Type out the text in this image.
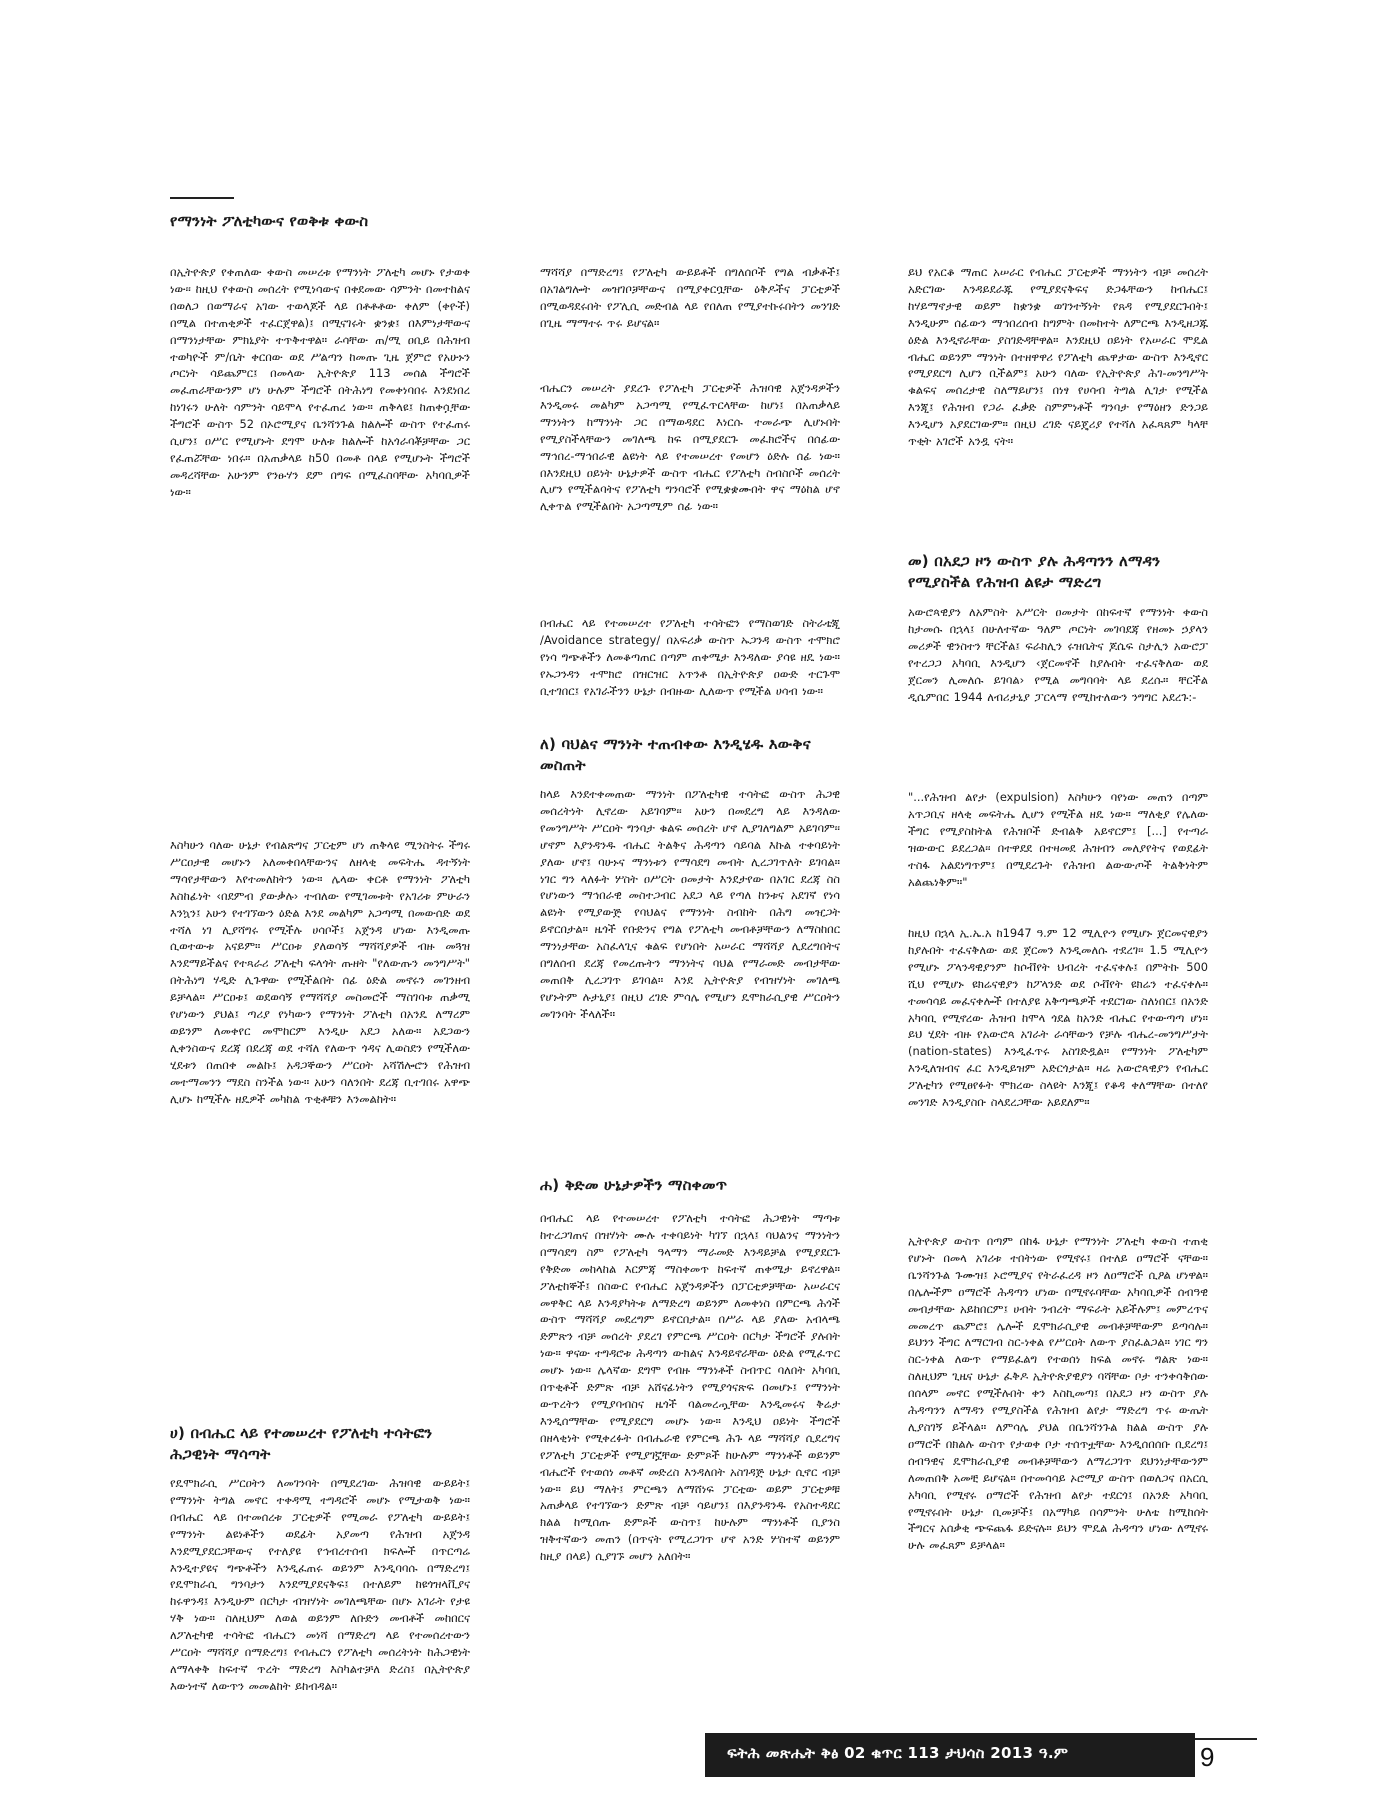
የማንነት ፖለቲካውና የወቅቱ ቀውስ

በኢትዮጵያ የቀጠለው ቀውስ መሠረቱ የማንነት ፖለቲካ መሆኑ የታወቀ ነው፡፡ ከዚህ የቀውስ መሰረት የሚነሳውና በቀደመው ሳምንት በመተከልና በወለጋ በወማራና አገው ተወላጆች ላይ በቶቶቶው ቀለም (ቀዮች) በሚል በተጠቂዎች ተፈርጀዋል)፤ በሚናገሩት ቋንቋ፤ በእምነታቸውና በማንነታቸው ምክኒያት ተጥቅተዋል። ራሳቸው ጠ/ሚ ዐቢይ በሕዝብ ተወካዮች ም/ቤት ቀርበው ወደ ሥልጣን ከመጡ ጊዜ ጀምሮ የአሁኑን ጦርነት ሳይጨምር፤ በመላው ኢትዮጵያ 113 መሰል ችግሮች መፈጠራቸውንም ሆነ ሁሉም ችግሮች በትሕነግ የመቀነባበሩ እንደነበረ ከነገሩን ሁለት ሳምንት ሳይሞላ የተፈጠረ ነው። ጠቅላዩ፤ ከጠቀሷቸው ችግሮች ውስጥ 52 በኦሮሚያና ቤንሻንጉል ክልሎች ውስጥ የተፈጠሩ ሲሆን፤ ዐሥር የሚሆኑት ደግሞ ሁለቱ ክልሎች ከአጎራባቾቻቸው ጋር የፈጠሯቸው ነበሩ። በአጠቃላይ ከ50 በመቶ በላይ የሚሆኑት ችግሮች መዳረሻቸው አሁንም የንፁሃን ደም በግፍ በሚፈስባቸው አካባቢዎች ነው።

እስካሁን ባለው ሁኔታ የብልጽግና ፓርቲም ሆነ ጠቅላዩ ሚንስትሩ ችግሩ ሥርዐታዊ መሆኑን አለመቀበላቸውንና ለዘላቂ መፍትሔ ዳተኝነት ማሳየታቸውን እየተመለከትን ነው። ሌላው ቀርቶ የማንነት ፖለቲካ እስከፊነት ‹በደምብ ያውቃሉ› ተብለው የሚገመቱት የአገሪቱ ምሁራን እንኳን፤ አሁን የተገኘውን ዕድል እንደ መልካም አጋጣሚ በመውሰድ ወደ ተሻለ ነገ ሊያሻግሩ የሚችሉ ሀሳቦች፤ አጀንዳ ሆነው እንዲመጡ ሲወተውቱ አናይም። ሥርዐቱ ያለወሳኝ ማሻሻያዎች ብዙ መጓዝ እንደማይችልና የተጻራሪ ፖለቲካ ፍላጎት ጡዘት "የለውጡን መንግሥት" በትሕነግ ሃዲድ ሊጉዋው የሚችልበት ሰፊ ዕድል መኖሩን መገንዘብ ይቻላል። ሥርዐቱ፤ ወደወሳኝ የማሻሻያ መስመሮች ማስገባቱ ጠቃሚ የሆነውን ያህል፤ ጣሪያ የነካውን የማንነት ፖለቲካ በአንዴ ለማረም ወይንም ለመቀየር መሞከርም እንዲሁ አደጋ አለው። አደጋውን ሊቀንስውና ደረጃ በደረጃ ወደ ተሻለ የለውጥ ጎዳና ሊወስደን የሚችለው ሂደቱን በጠበቀ መልኩ፤ አዳጋኞውን ሥርዐት አሻሽሎሮን የሕዝብ መተማመንን ማደስ ስንችል ነው። አሁን ባለንበት ደረጃ ቢተገበሩ አዋጭ ሊሆኑ ከሚችሉ ዘዴዎች መካከል ጥቂቶቹን እንመልከት።

ሀ) በብሔር ላይ የተመሠረተ የፖለቲካ ተሳትፎን ሕጋዊነት ማሳጣት

የዴሞክራሲ ሥርዐትን ለመገንባት በሚደረገው ሕዝባዊ ውይይት፤ የማንነት ትግል መኖር ተቀዳሚ ተግዳሮች መሆኑ የሚታወቅ ነው። በብሔር ላይ በተመሰረቱ ፓርቲዎች የሚመራ የፖለቲካ ውይይት፤ የማንነት ልዩነቶችን ወደፊት አያመጣ የሕዝብ አጀንዳ እንደሚያደርጋቸውና የተለያዩ የኅብረተሰብ ክፍሎች በጥርጣሬ እንዲተያዩና ግጭቶችን እንዲፈጠሩ ወይንም እንዲባባሱ በማድረግ፤ የዴሞክራሲ ግንባታን እንደሚያደናቅፍ፤ በተለይም ከዩጎዝላቪያና ከሩዋንዳ፤ እንዲሁም በርካታ ብዝሃነት መገለጫቸው በሆኑ አገራት የታዩ ሃቅ ነው። ስለዚህም ለወል ወይንም ለቡድን መብቶች መከበርና ለፖለቲካዊ ተሳትፎ ብሔርን መነሻ በማድረግ ላይ የተመሰረተውን ሥርዐት ማሻሻያ በማድረግ፤ የብሔርን የፖለቲካ መሰረትነት ከሕጋዊነት ለማላቀቅ ከፍተኛ ጥረት ማድረግ እስካልተቻለ ድረስ፤ በኢትዮጵያ እውነተኛ ለውጥን መመልከት ይከብዳል።

ማሻሻያ በማድረግ፤ የፖለቲካ ውይይቶች በግለሰቦች የግል ብቃቶች፤ በአገልግሎት መዝገቦቻቸውና በሚያቀርቧቸው ዕቅዶችና ፓርቲዎች በሚወዳደሩበት የፖሊሲ መድብል ላይ የበለጠ የሚያተኩሩበትን መንገድ በጊዜ ማማተሩ ጥሩ ይሆናል።

ብሔርን መሠረት ያደረጉ የፖለቲካ ፓርቲዎች ሕዝባዊ አጀንዳዎችን እንዲመሩ መልካም አጋጣሚ የሚፈጥርላቸው ከሆነ፤ በአጠቃላይ ማንነትን ከማንነት ጋር በማወዳደር እነርሱ ተመራጭ ሊሆኑበት የሚያስችላቸውን መገለጫ ከፍ በሚያደርጉ መፈክሮችና በሰፊው ማኅበረ-ማኅበራዊ ልዩነት ላይ የተመሠረተ የመሆን ዕድሉ ሰፊ ነው። በእንደዚህ ዐይነት ሁኔታዎች ውስጥ ብሔር የፖለቲካ ስብስቦች መሰረት ሊሆን የሚችልባትና የፖለቲካ ግንባሮች የሚቋቋሙበት ዋና ማዕከል ሆኖ ሊቀጥል የሚችልበት አጋጣሚም ሰፊ ነው።

በብሔር ላይ የተመሠረተ የፖለቲካ ተሳትፎን የማስወገድ ስትራቴጂ /Avoidance strategy/ በአፍሪቃ ውስጥ ኡጋንዳ ውስጥ ተሞክሮ የነሳ ግጭቶችን ለመቆጣጠር በጣም ጠቀሜታ እንዳለው ያሳዩ ዘዴ ነው። የኡጋንዳን ተሞክሮ በዝርዝር አጥንቶ በኢትዮጵያ ዐውድ ተርጉሞ ቢተገበር፤ የአገራችንን ሁኔታ በብዙው ሊለውጥ የሚችል ሀሳብ ነው።

ለ) ባህልና ማንነት ተጠብቀው እንዲሄዱ እውቅና መስጠት

ከላይ እንደተቀመጠው ማንነት በፖለቲካዊ ተሳትፎ ውስጥ ሕጋዊ መሰረትነት ሊኖረው አይገባም፡፡ አሁን በመደረግ ላይ እንዳለው የመንግሥት ሥርዐት ግንባታ ቁልፍ መሰረት ሆኖ ሊያገለግልም አይገባም፡፡ ሆኖም እያንዳንዱ ብሔር ትልቅና ሕዳጣን ሳይባል እኩል ተቀባይነት ያለው ሆኖ፤ ባሁኑና ማንነቱን የማሳደግ መብት ሊረጋገጥለት ይገባል። ነገር ግን ላለፉት ሦስት ዐሥርት ዐመታት እንደታየው በአገር ደረጃ ስስ የሆነውን ማኅበራዊ መስተጋብር አደጋ ላይ የጣለ ከንቱና አደገኛ የነሳ ልዩነት የሚያውጅ የባህልና የማንነት ስብከት በሕግ መዢጋት ይኖርበታል። ዜጎች የቡድንና የግል የፖለቲካ መብቶቻቸውን ለማስከበር ማንነታቸው አስፈላጊና ቁልፍ የሆነበት አሠራር ማሻሻያ ሊደረግበትና በግለሰብ ደረጃ የመረጡትን ማንነትና ባህል የማራመድ መብታቸው መጠበቅ ሊረጋገጥ ይገባል። እንደ ኢትዮጵያ የብዝሃነት መገለጫ የሆኑትም ሉታኒያ፤ በዚህ ረገድ ምሳሌ የሚሆን ዴሞክራሲያዊ ሥርዐትን መገንባት ችላለች።

ሐ) ቅድመ ሁኔታዎችን ማስቀመጥ

በብሔር ላይ የተመሠረተ የፖለቲካ ተሳትፎ ሕጋዊነት ማጣቱ ከተረጋገጠና በዝሃነት ሙሉ ተቀባይነት ካገኘ በኋላ፤ ባህልንና ማንነትን በማሳደግ ስም የፖለቲካ ዓላማን ማራመድ እንዳይቻል የሚያደርጉ የቅድመ መከላከል እርምጃ ማስቀመጥ ከፍተኛ ጠቀሜታ ይኖረዋል። ፖለቲከኞች፤ በስውር የብሔር አጀንዳዎችን በፓርቲዎቻቸው አሠራርና መዋቅር ላይ እንዳያካትቱ ለማድረግ ወይንም ለመቀነስ በምርጫ ሕጎች ውስጥ ማሻሻያ መደረግም ይኖርበታል። በሥራ ላይ ያለው አብላጫ ድምጽን ብቻ መሰረት ያደረገ የምርጫ ሥርዐት በርካታ ችግሮች ያሉበት ነው። ዋናው ተግዳሮቱ ሕዳጣን ውክልና እንዳይኖራቸው ዕድል የሚፈጥር መሆኑ ነው። ሌላኛው ደግሞ የብዙ ማንነቶች ስብጥር ባለበት አካባቢ በጥቂቶች ድምጽ ብቻ አሸናፊነትን የሚያጎናጽፍ በመሆኑ፤ የማንነት ውጥረትን የሚያባብስና ዜጎች ባልመረጧቸው እንዲመሩና ቅሬታ እንዲሰማቸው የሚያደርግ መሆኑ ነው። እንዲህ ዐይነት ችግሮች በዘላቂነት የሚቀረፉት በብሔራዊ የምርጫ ሕጉ ላይ ማሻሻያ ሲደረግና የፖለቲካ ፓርቲዎች የሚያገኟቸው ድምጾች ከሁሉም ማንነቶች ወይንም ብሔሮች የተወሰነ መቶኛ መድረስ እንዳለበት አስገዳጅ ሁኔታ ሲኖር ብቻ ነው። ይህ ማለት፤ ምርጫን ለማሸነፍ ፓርቲው ወይም ፓርቲዎቹ አጠቃላይ የተገኘውን ድምጽ ብቻ ሳይሆን፤ በእያንዳንዱ የአስተዳደር ክልል ከሚሰጡ ድምጾች ውስጥ፤ ከሁሉም ማንነቶች ቢያንስ ዝቅተኛውን መጠን (በጥናት የሚረጋገጥ ሆኖ አንድ ሦስተኛ ወይንም ከዚያ በላይ) ሲያገኙ መሆን አለበት።

ይህ የአርቆ ማጠር አሠራር የብሔር ፓርቲዎች ማንነትን ብቻ መሰረት አድርገው እንዳይደራጁ የሚያደናቅፍና ድጋፋቸውን ከብሔር፤ ከሃይማኖታዊ ወይም ከቋንቋ ወገንተኝነት የጸዳ የሚያደርጉበት፤ እንዲሁም ሰፊውን ማኅበረሰብ ከግምት በመከተት ለምርጫ እንዲዘጋጁ ዕድል እንዲኖራቸው ያስገድዳቸዋል። እንደዚህ ዐይነት የአሠራር ሞዴል ብሔር ወይንም ማንነት በተዘዋዋሪ የፖለቲካ ጨዋታው ውስጥ እንዲኖር የሚያደርግ ሊሆን ቢችልም፤ አሁን ባለው የኢትዮጵያ ሕገ-መንግሥት ቁልፍና መሰረታዊ ስለማይሆን፤ በነፃ የሀሳብ ትግል ሊገታ የሚችል እንጂ፤ የሕዝብ የጋራ ፈቃድ ስምምነቶች ግንባታ የማዕዘን ድንጋይ እንዲሆን አያደርገውም። በዚህ ረገድ ናይጄሪያ የተሻለ አፈጻጸም ካላቸ ጥቂት አገሮች አንዷ ናት።

መ) በአደጋ ዞን ውስጥ ያሉ ሕዳጣንን ለማዳን የሚያስችል የሕዝብ ልዩታ ማድረግ

አውሮጳዊያን ለአምስት አሥርት ዐመታት በከፍተኛ የማንነት ቀውስ ከታመሱ በኋላ፤ በሁለተኛው ዓለም ጦርነት መገባደጃ የዘመኑ ኃያላን መሪዎች ዊንስተን ቸርችል፤ ፍራክሊን ሩዝቤትና ጆሴፍ ስታሊን አውሮፓ የተረጋጋ አካባቢ እንዲሆን ‹ጀርመኖች ከያሉበት ተፈናቅለው ወደ ጀርመን ሊመለሱ ይገባል› የሚል መግባባት ላይ ደረሱ። ቸርችል ዲሴምበር 1944 ለብሪታኒያ ፓርላማ የሚከተለውን ንግግር አደረጉ:-

"...የሕዝብ ልየታ (expulsion) እስካሁን ባየነው መጠን በጣም አጥጋቢና ዘላቂ መፍትሔ ሊሆን የሚችል ዘዴ ነው። ማለቂያ የሌለው ችግር የሚያስከትል የሕዝቦች ድብልቅ አይኖርም፤ [...] የተጣራ ዝውውር ይደረጋል፡፡ በተዋደደ በተዛመደ ሕዝብን መለያየትና የወደፊት ተስፋ አልደነግጥም፤ በሚደረጉት የሕዝብ ልውውጦች ትልቅነትም አልጨነቅም።"

ከዚህ በኋላ ኢ.ኤ.አ ከ1947 ዓ.ም 12 ሚሊዮን የሚሆኑ ጀርመናዊያን ከያሉበት ተፈናቅለው ወደ ጀርመን እንዲመለሱ ተደረገ፡፡ 1.5 ሚሊዮን የሚሆኑ ፖላንዳዊያንም ከሶቭየት ህብረት ተፈናቀሉ፤ በምትኩ 500 ሺህ የሚሆኑ ዩክሬናዊያን ከፖላንድ ወደ ሶቭየት ዩክሬን ተፈናቀሉ። ተመሳሳይ መፈናቀሎች በተለያዩ አቅጣጫዎች ተደርገው ስለነበር፤ በአንድ አካባቢ የሚኖረው ሕዝብ ከሞላ ጎደል ከአንድ ብሔር የተውጣጣ ሆነ። ይህ ሂደት ብዙ የአውሮጳ አገራት ራሳቸውን የቻሉ ብሔረ-መንግሥታት (nation-states) እንዲፈጥሩ አስገድዷል። የማንነት ፖለቲካም እንዲለዝብና ፈር እንዲይዝም አድርጎታል። ዛሬ አውሮጳዊያን የብሔር ፖለቲካን የሚፀየፉት ሞክረው ስላዩት እንጂ፤ የቆዳ ቀለማቸው በተለየ መንገድ እንዲያስቡ ስላደረጋቸው አይደለም።

ኢትዮጵያ ውስጥ በጣም በከፋ ሁኔታ የማንነት ፖለቲካ ቀውስ ተጠቂ የሆኑት በመላ አገሪቱ ተበትነው የሚኖሩ፤ በተለይ ዐማሮች ናቸው። ቤንሻንጉል ጉሙዝ፤ ኦሮሚያና የትራፈረዳ ዞን ለዐማሮች ሲዖል ሆነዋል። በሌሎችም ዐማሮች ሕዳጣን ሆነው በሚኖሩባቸው አካባቢዎች ሰብዓዊ መብታቸው አይከበርም፤ ሀብት ንብረት ማፍራት አይችሉም፤ መምረጥና መመረጥ ጨምሮ፤ ሌሎች ዴሞክራሲያዊ መብቶቻቸውም ይጣሳሉ። ይህንን ችግር ለማርገብ ስር-ነቀል የሥርዐት ለውጥ ያስፈልጋል። ነገር ግን ስር-ነቀል ለውጥ የማይፈልግ የተወሰነ ክፍል መኖሩ ግልጽ ነው። ስለዚህም ጊዜና ሁኔታ ፈቅዶ ኢትዮጵያዊያን ባሻቸው ቦታ ተንቀሳቅሰው በሰላም መኖር የሚችሉበት ቀን እስኪመጣ፤ በአደጋ ዞን ውስጥ ያሉ ሕዳጣንን ለማዳን የሚያስችል የሕዝብ ልየታ ማድረግ ጥሩ ውጤት ሊያስገኝ ይችላል። ለምሳሌ ያህል በቤንሻንጉል ክልል ውስጥ ያሉ ዐማሮች በክልሉ ውስጥ የታወቀ ቦታ ተሰጥቷቸው እንዲሰበሰቡ ቢደረግ፤ ሰብዓዊና ዴሞክራሲያዊ መብቶቻቸውን ለማረጋገጥ ደህንነታቸውንም ለመጠበቅ አመቺ ይሆናል። በተመሳሳይ ኦሮሚያ ውስጥ በወለጋና በአርሲ አካባቢ የሚኖሩ ዐማሮች የሕዝብ ልየታ ተደርጎ፤ በአንድ አካባቢ የሚኖሩበት ሁኔታ ቢመቻች፤ በአማካይ በሳምንት ሁለቴ ከሚከሰት ችግርና አሰቃቂ ጭፍጨፋ ይድናሉ። ይህን ሞዴል ሕዳጣን ሆነው ለሚኖሩ ሁሉ መፈጸም ይቻላል።

ፍትሕ መጽሔት ቅፅ 02 ቁጥር 113 ታህሳስ 2013 ዓ.ም	9
